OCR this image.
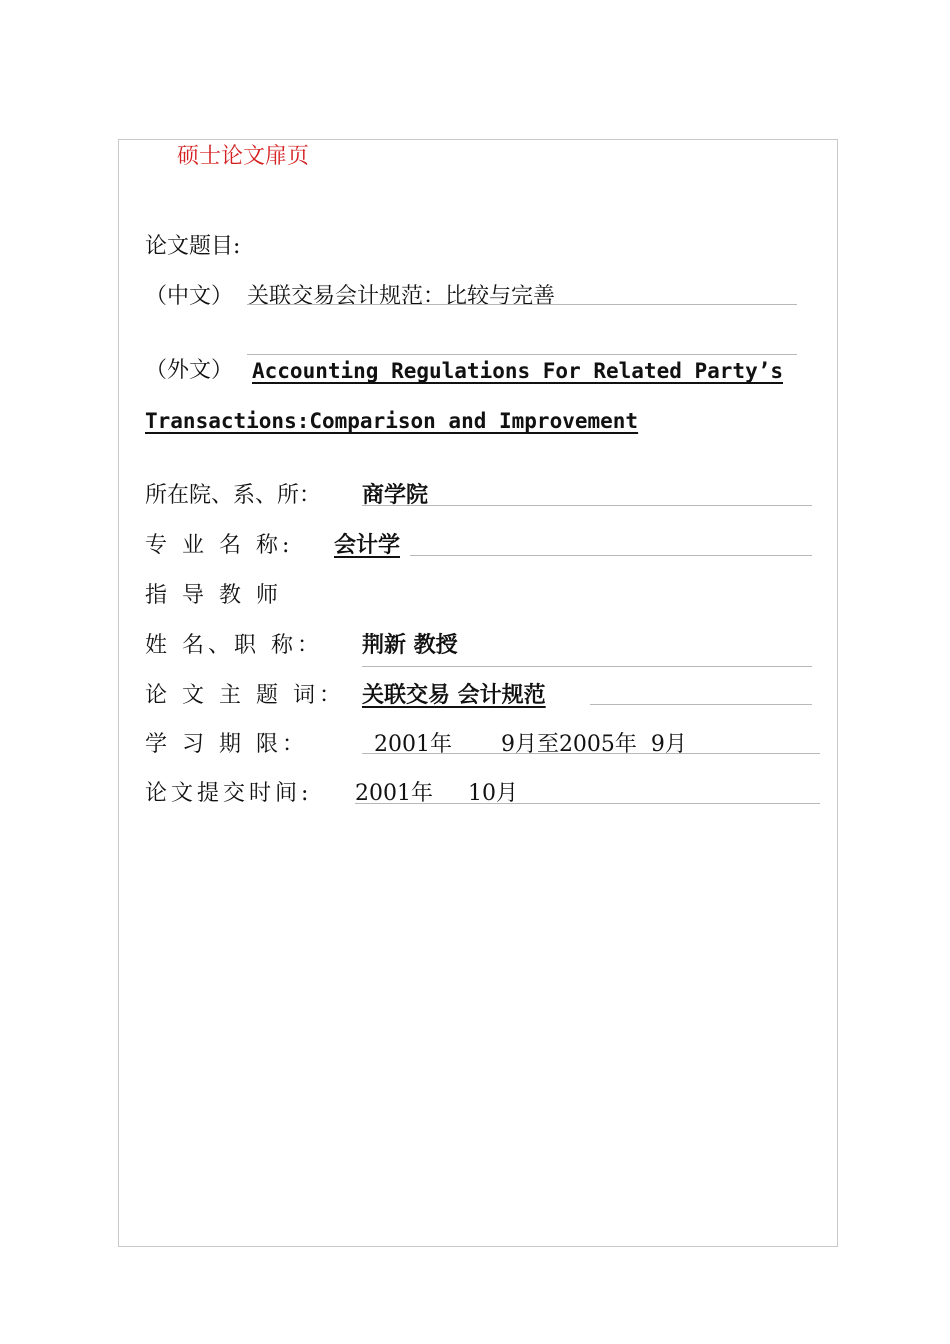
硕士论文扉页
论文题目:
（中文） 关联交易会计规范：比较与完善
（外文） Accounting Regulations For Related Party’s
Transactions:Comparison and Improvement
所在院、系、所： 商学院
专 业 名 称: 会计学
指 导 教 师
姓 名、职 称： 荆新 教授
论 文 主 题 词： 关联交易 会计规范
学 习 期 限：	2001年       9月至2005年  9月
论文提交时间: 2001年     10月
